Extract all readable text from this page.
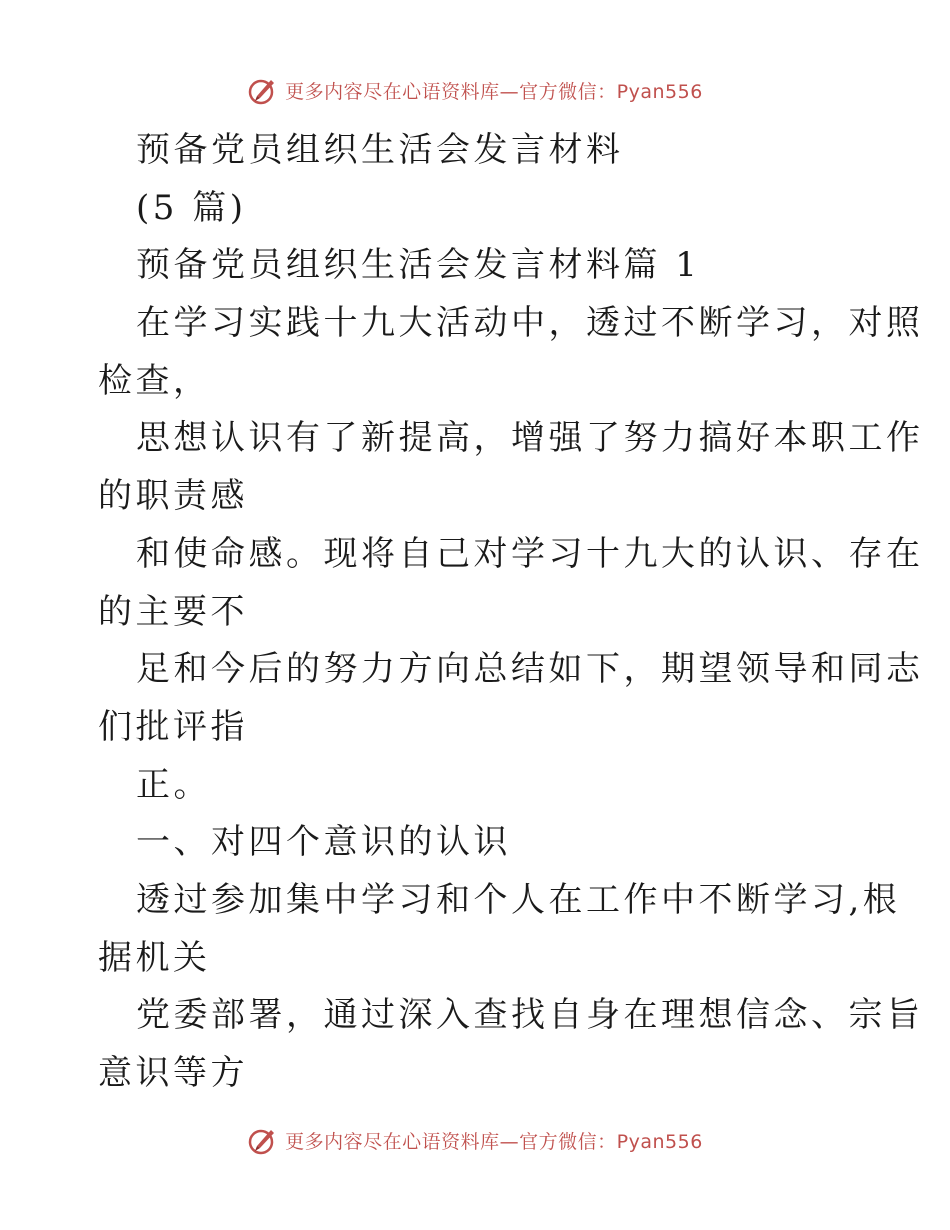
更多内容尽在心语资料库—官方微信：Pyan556
预备党员组织生活会发言材料
(5 篇)
预备党员组织生活会发言材料篇 1
在学习实践十九大活动中，透过不断学习，对照
检查，
思想认识有了新提高，增强了努力搞好本职工作
的职责感
和使命感。现将自己对学习十九大的认识、存在
的主要不
足和今后的努力方向总结如下，期望领导和同志
们批评指
正。
一、对四个意识的认识
透过参加集中学习和个人在工作中不断学习,根
据机关
党委部署，通过深入查找自身在理想信念、宗旨
意识等方
更多内容尽在心语资料库—官方微信：Pyan556
